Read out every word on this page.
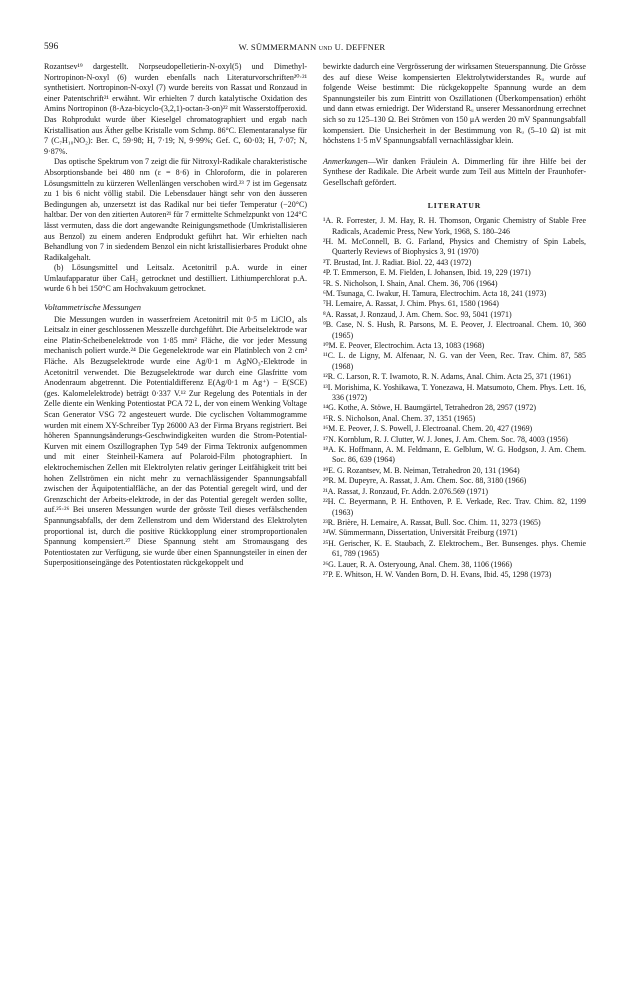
596	W. SÜMMERMANN und U. DEFFNER

Rozantsev¹⁹ dargestellt. Norpseudopelletierin-N-oxyl(5) und Dimethyl-Nortropinon-N-oxyl (6) wurden ebenfalls nach Literaturvorschriften²⁰·²¹ synthetisiert. Nortropinon-N-oxyl (7) wurde bereits von Rassat und Ronzaud in einer Patentschrift²¹ erwähnt. Wir erhielten 7 durch katalytische Oxidation des Amins Nortropinon (8-Aza-bicyclo-(3,2,1)-octan-3-on)²² mit Wasserstoffperoxid. Das Rohprodukt wurde über Kieselgel chromatographiert und ergab nach Kristallisation aus Äther gelbe Kristalle vom Schmp. 86°C. Elementaranalyse für 7 (C₇H₁₀NO₂): Ber. C, 59·98; H, 7·19; N, 9·99%; Gef. C, 60·03; H, 7·07; N, 9·87%.

Das optische Spektrum von 7 zeigt die für Nitroxyl-Radikale charakteristische Absorptionsbande bei 480 nm (ε = 8·6) in Chloroform, die in polareren Lösungsmitteln zu kürzeren Wellenlängen verschoben wird.²³ 7 ist im Gegensatz zu 1 bis 6 nicht völlig stabil. Die Lebensdauer hängt sehr von den äusseren Bedingungen ab, unzersetzt ist das Radikal nur bei tiefer Temperatur (−20°C) haltbar. Der von den zitierten Autoren²¹ für 7 ermittelte Schmelzpunkt von 124°C lässt vermuten, dass die dort angewandte Reinigungsmethode (Umkristallisieren aus Benzol) zu einem anderen Endprodukt geführt hat. Wir erhielten nach Behandlung von 7 in siedendem Benzol ein nicht kristallisierbares Produkt ohne Radikalgehalt.

(b) Lösungsmittel und Leitsalz. Acetonitril p.A. wurde in einer Umlaufapparatur über CaH₂ getrocknet und destilliert. Lithiumperchlorat p.A. wurde 6 h bei 150°C am Hochvakuum getrocknet.

Voltammetrische Messungen

Die Messungen wurden in wasserfreiem Acetonitril mit 0·5 m LiClO₄ als Leitsalz in einer geschlossenen Messzelle durchgeführt. Die Arbeitselektrode war eine Platin-Scheibenelektrode von 1·85 mm² Fläche, die vor jeder Messung mechanisch poliert wurde.²⁴ Die Gegenelektrode war ein Platinblech von 2 cm² Fläche. Als Bezugselektrode wurde eine Ag/0·1 m AgNO₃-Elektrode in Acetonitril verwendet. Die Bezugselektrode war durch eine Glasfritte vom Anodenraum abgetrennt. Die Potentialdifferenz E(Ag/0·1 m Ag⁺) − E(SCE) (ges. Kalomelelektrode) beträgt 0·337 V.¹² Zur Regelung des Potentials in der Zelle diente ein Wenking Potentiostat PCA 72 L, der von einem Wenking Voltage Scan Generator VSG 72 angesteuert wurde. Die cyclischen Voltammogramme wurden mit einem XY-Schreiber Typ 26000 A3 der Firma Bryans registriert. Bei höheren Spannungsänderungs-Geschwindigkeiten wurden die Strom-Potential-Kurven mit einem Oszillographen Typ 549 der Firma Tektronix aufgenommen und mit einer Steinheil-Kamera auf Polaroid-Film photographiert. In elektrochemischen Zellen mit Elektrolyten relativ geringer Leitfähigkeit tritt bei hohen Zellströmen ein nicht mehr zu vernachlässigender Spannungsabfall zwischen der Äquipotentialfläche, an der das Potential geregelt wird, und der Grenzschicht der Arbeits-elektrode, in der das Potential geregelt werden sollte, auf.²⁵·²⁶ Bei unseren Messungen wurde der grösste Teil dieses verfälschenden Spannungsabfalls, der dem Zellenstrom und dem Widerstand des Elektrolyten proportional ist, durch die positive Rückkopplung einer stromproportionalen Spannung kompensiert.²⁷ Diese Spannung steht am Stromausgang des Potentiostaten zur Verfügung, sie wurde über einen Spannungsteiler in einen der Superpositionseingänge des Potentiostaten rückgekoppelt und

bewirkte dadurch eine Vergrösserung der wirksamen Steuerspannung. Die Grösse des auf diese Weise kompensierten Elektrolytwiderstandes Rᵤ wurde auf folgende Weise bestimmt: Die rückgekoppelte Spannung wurde an dem Spannungsteiler bis zum Eintritt von Oszillationen (Überkompensation) erhöht und dann etwas erniedrigt. Der Widerstand Rᵤ unserer Messanordnung errechnet sich so zu 125–130 Ω. Bei Strömen von 150 μA werden 20 mV Spannungsabfall kompensiert. Die Unsicherheit in der Bestimmung von Rᵤ (5–10 Ω) ist mit höchstens 1·5 mV Spannungsabfall vernachlässigbar klein.

Anmerkungen—Wir danken Fräulein A. Dimmerling für ihre Hilfe bei der Synthese der Radikale. Die Arbeit wurde zum Teil aus Mitteln der Fraunhofer-Gesellschaft gefördert.

LITERATUR

¹A. R. Forrester, J. M. Hay, R. H. Thomson, Organic Chemistry of Stable Free Radicals, Academic Press, New York, 1968, S. 180–246

²H. M. McConnell, B. G. Farland, Physics and Chemistry of Spin Labels, Quarterly Reviews of Biophysics 3, 91 (1970)

³T. Brustad, Int. J. Radiat. Biol. 22, 443 (1972)

⁴P. T. Emmerson, E. M. Fielden, I. Johansen, Ibid. 19, 229 (1971)

⁵R. S. Nicholson, I. Shain, Anal. Chem. 36, 706 (1964)

⁶M. Tsunaga, C. Iwakur, H. Tamura, Electrochim. Acta 18, 241 (1973)

⁷H. Lemaire, A. Rassat, J. Chim. Phys. 61, 1580 (1964)

⁸A. Rassat, J. Ronzaud, J. Am. Chem. Soc. 93, 5041 (1971)

⁹B. Case, N. S. Hush, R. Parsons, M. E. Peover, J. Electroanal. Chem. 10, 360 (1965)

¹⁰M. E. Peover, Electrochim. Acta 13, 1083 (1968)

¹¹C. L. de Ligny, M. Alfenaar, N. G. van der Veen, Rec. Trav. Chim. 87, 585 (1968)

¹²R. C. Larson, R. T. Iwamoto, R. N. Adams, Anal. Chim. Acta 25, 371 (1961)

¹³I. Morishima, K. Yoshikawa, T. Yonezawa, H. Matsumoto, Chem. Phys. Lett. 16, 336 (1972)

¹⁴G. Kothe, A. Stöwe, H. Baumgärtel, Tetrahedron 28, 2957 (1972)

¹⁵R. S. Nicholson, Anal. Chem. 37, 1351 (1965)

¹⁶M. E. Peover, J. S. Powell, J. Electroanal. Chem. 20, 427 (1969)

¹⁷N. Kornblum, R. J. Clutter, W. J. Jones, J. Am. Chem. Soc. 78, 4003 (1956)

¹⁸A. K. Hoffmann, A. M. Feldmann, E. Gelblum, W. G. Hodgson, J. Am. Chem. Soc. 86, 639 (1964)

¹⁹E. G. Rozantsev, M. B. Neiman, Tetrahedron 20, 131 (1964)

²⁰R. M. Dupeyre, A. Rassat, J. Am. Chem. Soc. 88, 3180 (1966)

²¹A. Rassat, J. Ronzaud, Fr. Addn. 2.076.569 (1971)

²²H. C. Beyermann, P. H. Enthoven, P. E. Verkade, Rec. Trav. Chim. 82, 1199 (1963)

²³R. Brière, H. Lemaire, A. Rassat, Bull. Soc. Chim. 11, 3273 (1965)

²⁴W. Sümmermann, Dissertation, Universität Freiburg (1971)

²⁵H. Gerischer, K. E. Staubach, Z. Elektrochem., Ber. Bunsenges. phys. Chemie 61, 789 (1965)

²⁶G. Lauer, R. A. Osteryoung, Anal. Chem. 38, 1106 (1966)

²⁷P. E. Whitson, H. W. Vanden Born, D. H. Evans, Ibid. 45, 1298 (1973)
